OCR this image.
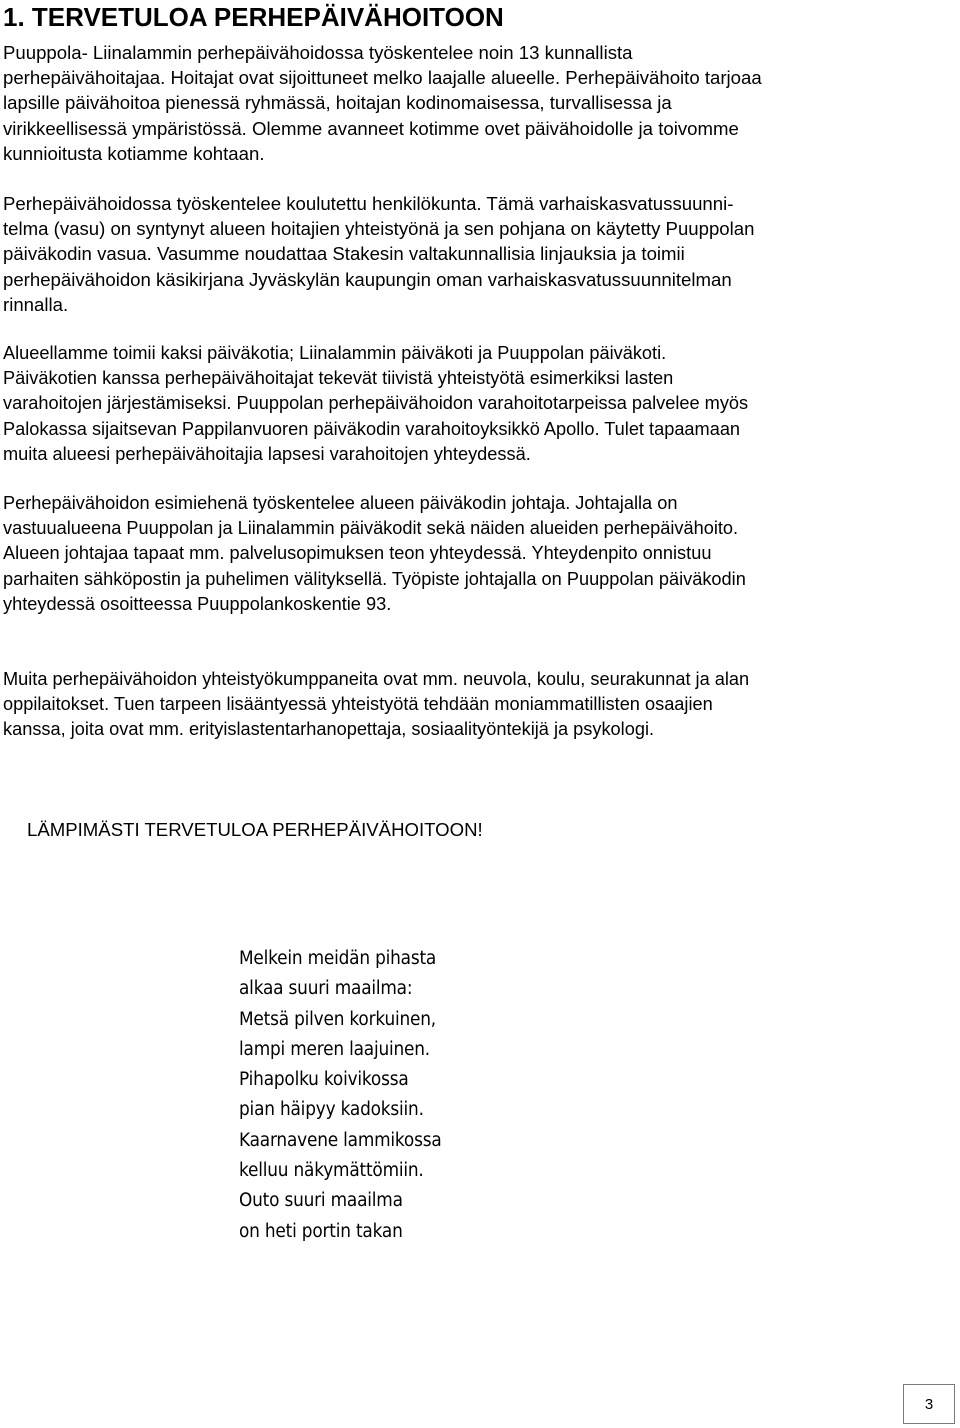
1. TERVETULOA PERHEPÄIVÄHOITOON
Puuppola- Liinalammin perhepäivähoidossa työskentelee noin 13 kunnallista
perhepäivähoitajaa. Hoitajat ovat sijoittuneet melko laajalle alueelle. Perhepäivähoito tarjoaa
lapsille päivähoitoa pienessä ryhmässä, hoitajan kodinomaisessa, turvallisessa ja
virikkeellisessä ympäristössä. Olemme avanneet kotimme ovet päivähoidolle ja toivomme
kunnioitusta kotiamme kohtaan.
Perhepäivähoidossa työskentelee koulutettu henkilökunta. Tämä varhaiskasvatussuunni-
telma (vasu) on syntynyt alueen hoitajien yhteistyönä ja sen pohjana on käytetty Puuppolan
päiväkodin vasua. Vasumme noudattaa Stakesin valtakunnallisia linjauksia ja toimii
perhepäivähoidon käsikirjana Jyväskylän kaupungin oman varhaiskasvatussuunnitelman
rinnalla.
Alueellamme toimii kaksi päiväkotia; Liinalammin päiväkoti ja Puuppolan päiväkoti.
Päiväkotien kanssa perhepäivähoitajat tekevät tiivistä yhteistyötä esimerkiksi lasten
varahoitojen järjestämiseksi. Puuppolan perhepäivähoidon varahoitotarpeissa palvelee myös
Palokassa sijaitsevan Pappilanvuoren päiväkodin varahoitoyksikkö Apollo. Tulet tapaamaan
muita alueesi perhepäivähoitajia lapsesi varahoitojen yhteydessä.
Perhepäivähoidon esimiehenä työskentelee alueen päiväkodin johtaja. Johtajalla on
vastuualueena Puuppolan ja Liinalammin päiväkodit sekä näiden alueiden perhepäivähoito.
Alueen johtajaa tapaat mm. palvelusopimuksen teon yhteydessä. Yhteydenpito onnistuu
parhaiten sähköpostin ja puhelimen välityksellä. Työpiste johtajalla on Puuppolan päiväkodin
yhteydessä osoitteessa Puuppolankoskentie 93.
Muita perhepäivähoidon yhteistyökumppaneita ovat mm. neuvola, koulu, seurakunnat ja alan
oppilaitokset. Tuen tarpeen lisääntyessä yhteistyötä tehdään moniammatillisten osaajien
kanssa, joita ovat mm. erityislastentarhanopettaja, sosiaalityöntekijä ja psykologi.

LÄMPIMÄSTI TERVETULOA PERHEPÄIVÄHOITOON!

Melkein meidän pihasta
alkaa suuri maailma:
Metsä pilven korkuinen,
lampi meren laajuinen.
Pihapolku koivikossa
pian häipyy kadoksiin.
Kaarnavene lammikossa
kelluu näkymättömiin.
Outo suuri maailma
on heti portin takan
3
